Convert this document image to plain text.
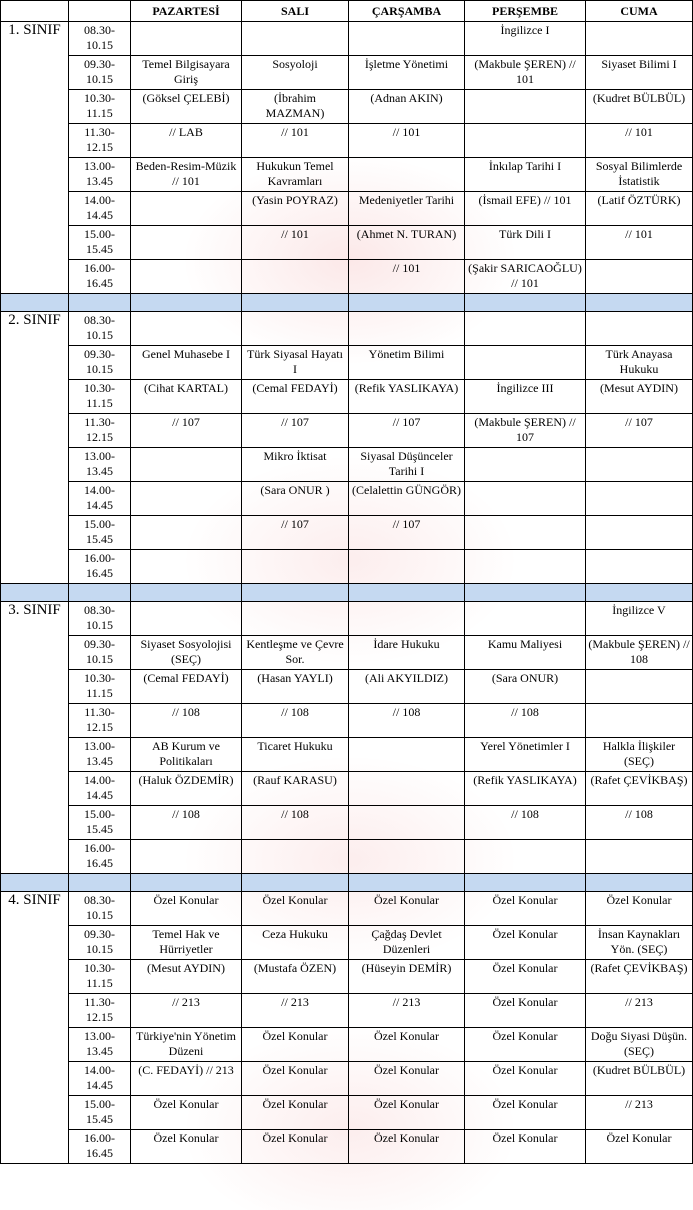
		PAZARTESİ	SALI	ÇARŞAMBA	PERŞEMBE	CUMA
1. SINIF	08.30- 10.15				İngilizce I	
	09.30- 10.15	Temel Bilgisayara Giriş	Sosyoloji	İşletme Yönetimi	(Makbule ŞEREN) // 101	Siyaset Bilimi I
	10.30- 11.15	(Göksel ÇELEBİ)	(İbrahim MAZMAN)	(Adnan AKIN)		(Kudret BÜLBÜL)
	11.30- 12.15	// LAB	// 101	// 101		// 101
	13.00- 13.45	Beden-Resim-Müzik // 101	Hukukun Temel Kavramları		İnkılap Tarihi I	Sosyal Bilimlerde İstatistik
	14.00- 14.45		(Yasin POYRAZ)	Medeniyetler Tarihi	(İsmail EFE) // 101	(Latif ÖZTÜRK)
	15.00- 15.45		// 101	(Ahmet N. TURAN)	Türk Dili I	// 101
	16.00- 16.45			// 101	(Şakir SARICAOĞLU) // 101	

2. SINIF	08.30- 10.15					
	09.30- 10.15	Genel Muhasebe I	Türk Siyasal Hayatı I	Yönetim Bilimi		Türk Anayasa Hukuku
	10.30- 11.15	(Cihat KARTAL)	(Cemal FEDAYİ)	(Refik YASLIKAYA)	İngilizce III	(Mesut AYDIN)
	11.30- 12.15	// 107	// 107	// 107	(Makbule ŞEREN) // 107	// 107
	13.00- 13.45		Mikro İktisat	Siyasal Düşünceler Tarihi I		
	14.00- 14.45		(Sara ONUR )	(Celalettin GÜNGÖR)		
	15.00- 15.45		// 107	// 107		
	16.00- 16.45					

3. SINIF	08.30- 10.15					İngilizce V
	09.30- 10.15	Siyaset Sosyolojisi (SEÇ)	Kentleşme ve Çevre Sor.	İdare Hukuku	Kamu Maliyesi	(Makbule ŞEREN) // 108
	10.30- 11.15	(Cemal FEDAYİ)	(Hasan YAYLI)	(Ali AKYILDIZ)	(Sara ONUR)	
	11.30- 12.15	// 108	// 108	// 108	// 108	
	13.00- 13.45	AB Kurum ve Politikaları	Ticaret Hukuku		Yerel Yönetimler I	Halkla İlişkiler (SEÇ)
	14.00- 14.45	(Haluk ÖZDEMİR)	(Rauf KARASU)		(Refik YASLIKAYA)	(Rafet ÇEVİKBAŞ)
	15.00- 15.45	// 108	// 108		// 108	// 108
	16.00- 16.45					

4. SINIF	08.30- 10.15	Özel Konular	Özel Konular	Özel Konular	Özel Konular	Özel Konular
	09.30- 10.15	Temel Hak ve Hürriyetler	Ceza Hukuku	Çağdaş Devlet Düzenleri	Özel Konular	İnsan Kaynakları Yön. (SEÇ)
	10.30- 11.15	(Mesut AYDIN)	(Mustafa ÖZEN)	(Hüseyin DEMİR)	Özel Konular	(Rafet ÇEVİKBAŞ)
	11.30- 12.15	// 213	// 213	// 213	Özel Konular	// 213
	13.00- 13.45	Türkiye'nin Yönetim Düzeni	Özel Konular	Özel Konular	Özel Konular	Doğu Siyasi Düşün. (SEÇ)
	14.00- 14.45	(C. FEDAYİ) // 213	Özel Konular	Özel Konular	Özel Konular	(Kudret BÜLBÜL)
	15.00- 15.45	Özel Konular	Özel Konular	Özel Konular	Özel Konular	// 213
	16.00- 16.45	Özel Konular	Özel Konular	Özel Konular	Özel Konular	Özel Konular
